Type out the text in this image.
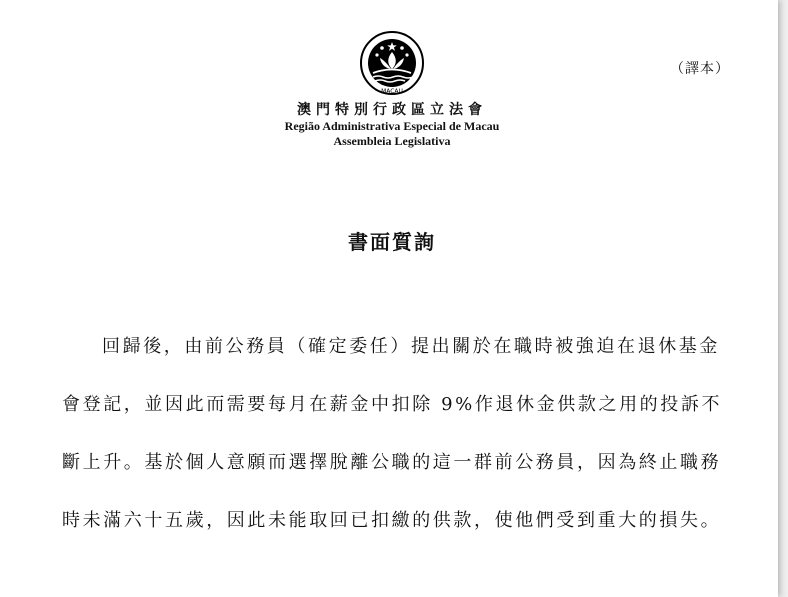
MACAU
（譯本）
澳門特別行政區立法會
Região Administrativa Especial de Macau
Assembleia Legislativa
書面質詢

回歸後，由前公務員（確定委任）提出關於在職時被強迫在退休基金會登記，並因此而需要每月在薪金中扣除 9%作退休金供款之用的投訴不斷上升。基於個人意願而選擇脫離公職的這一群前公務員，因為終止職務時未滿六十五歲，因此未能取回已扣繳的供款，使他們受到重大的損失。
